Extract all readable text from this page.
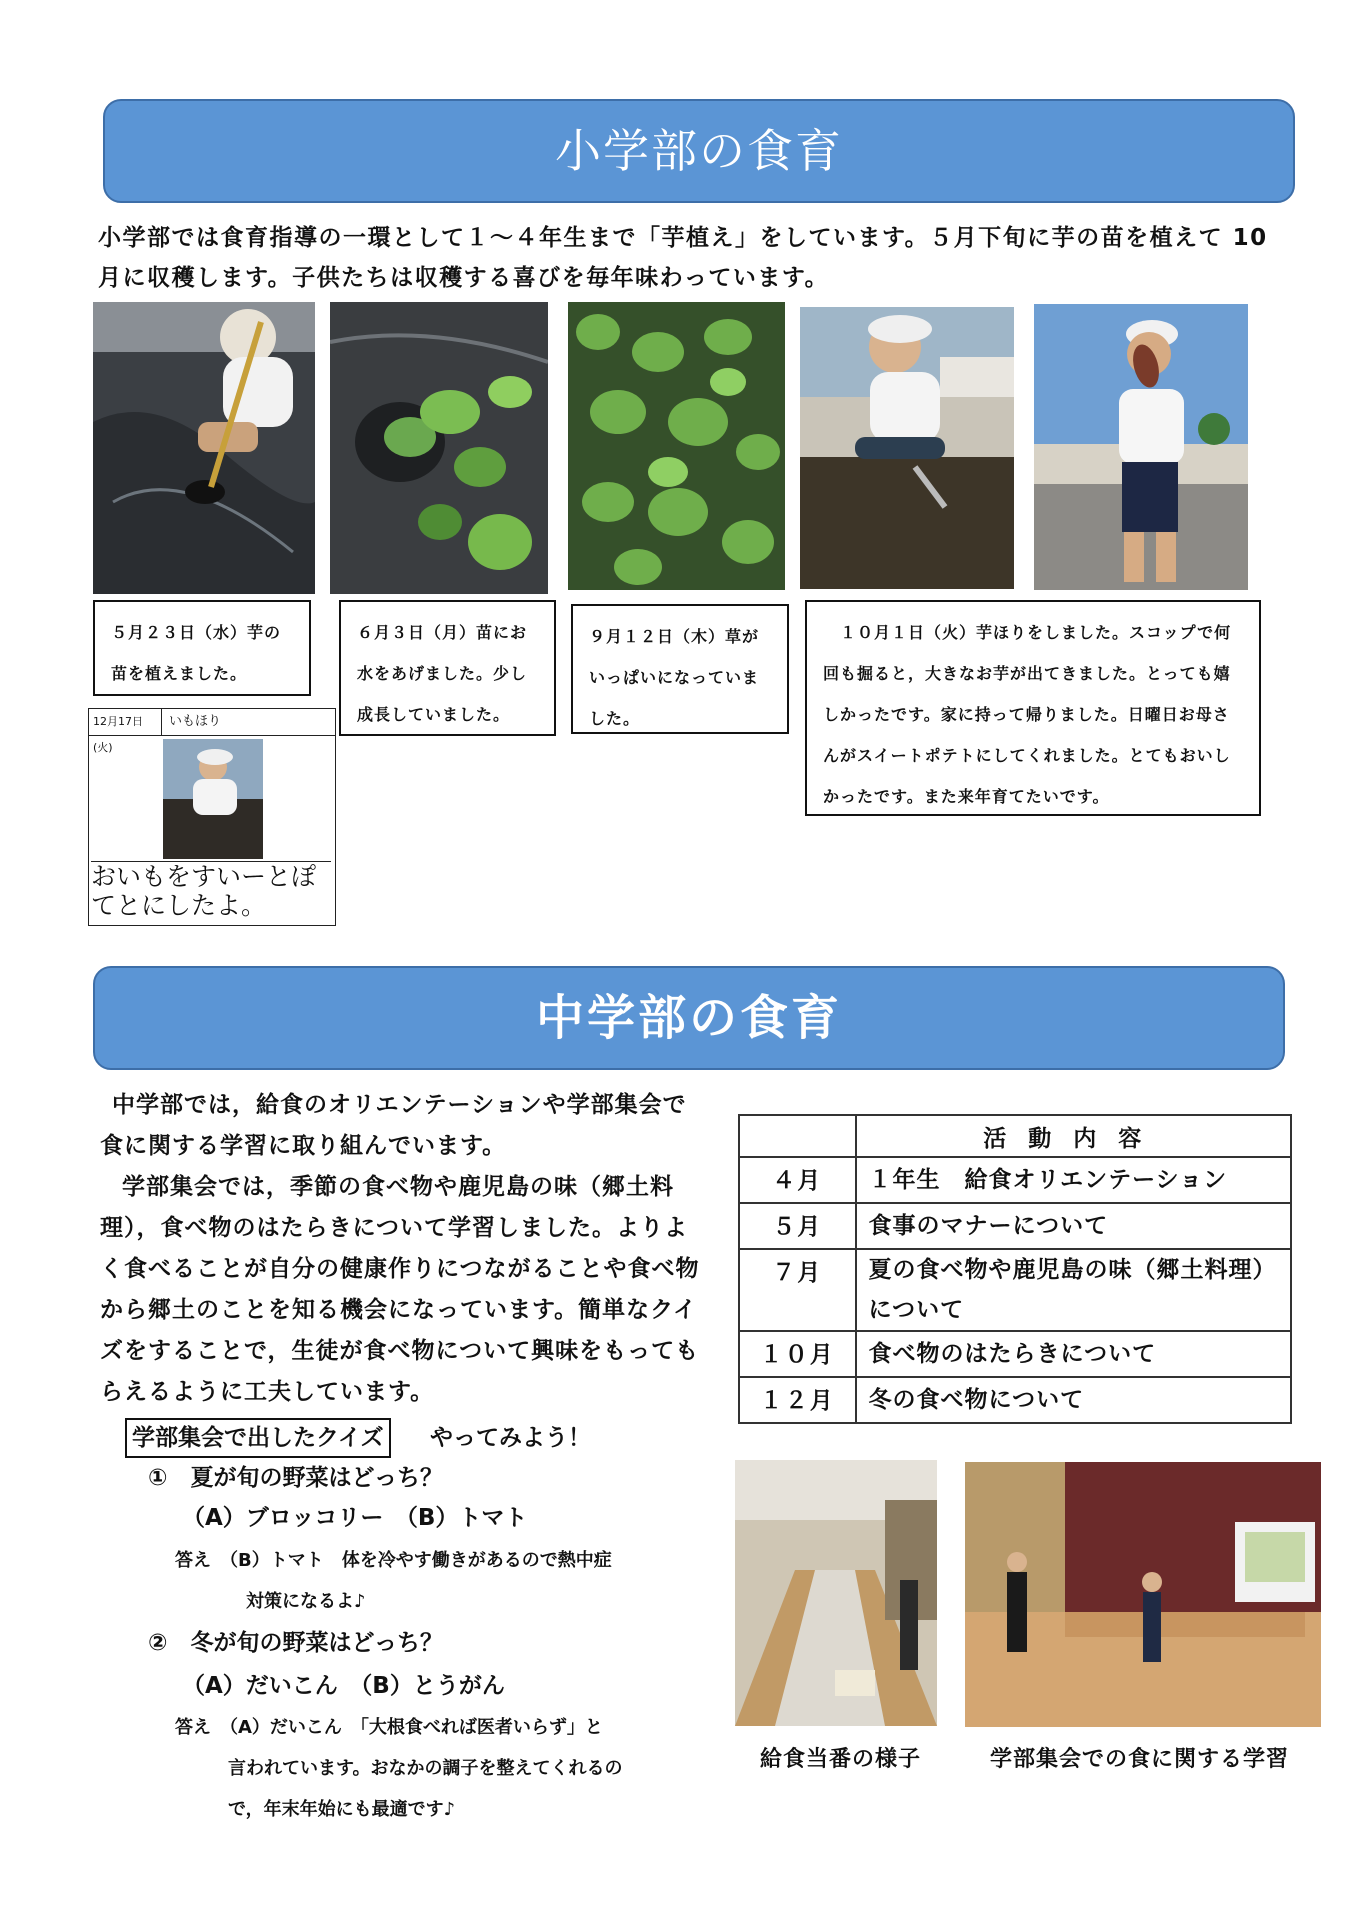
小学部の食育
小学部では食育指導の一環として１～４年生まで「芋植え」をしています。５月下旬に芋の苗を植えて 10 月に収穫します。子供たちは収穫する喜びを毎年味わっています。
５月２３日（水）芋の苗を植えました。
６月３日（月）苗にお水をあげました。少し成長していました。
９月１２日（木）草がいっぱいになっていました。
　１０月１日（火）芋ほりをしました。スコップで何回も掘ると，大きなお芋が出てきました。とっても嬉しかったです。家に持って帰りました。日曜日お母さんがスイートポテトにしてくれました。とてもおいしかったです。また来年育てたいです。
12月17日(火)
いもほり
おいもをすいーとぽてとにしたよ。
中学部の食育
中学部では，給食のオリエンテーションや学部集会で食に関する学習に取り組んでいます。
学部集会では，季節の食べ物や鹿児島の味（郷土料理），食べ物のはたらきについて学習しました。よりよく食べることが自分の健康作りにつながることや食べ物から郷土のことを知る機会になっています。簡単なクイズをすることで，生徒が食べ物について興味をもってもらえるように工夫しています。
学部集会で出したクイズ	やってみよう！
①　夏が旬の野菜はどっち？
（A）ブロッコリー　（B）トマト
答え　（B）トマト　体を冷やす働きがあるので熱中症
対策になるよ♪
②　冬が旬の野菜はどっち？
（A）だいこん　（B）とうがん
答え　（A）だいこん　「大根食べれば医者いらず」と
言われています。おなかの調子を整えてくれるの
で，年末年始にも最適です♪
	活動内容
４月	１年生　給食オリエンテーション
５月	食事のマナーについて
７月	夏の食べ物や鹿児島の味（郷土料理）について
１０月	食べ物のはたらきについて
１２月	冬の食べ物について
給食当番の様子	学部集会での食に関する学習
